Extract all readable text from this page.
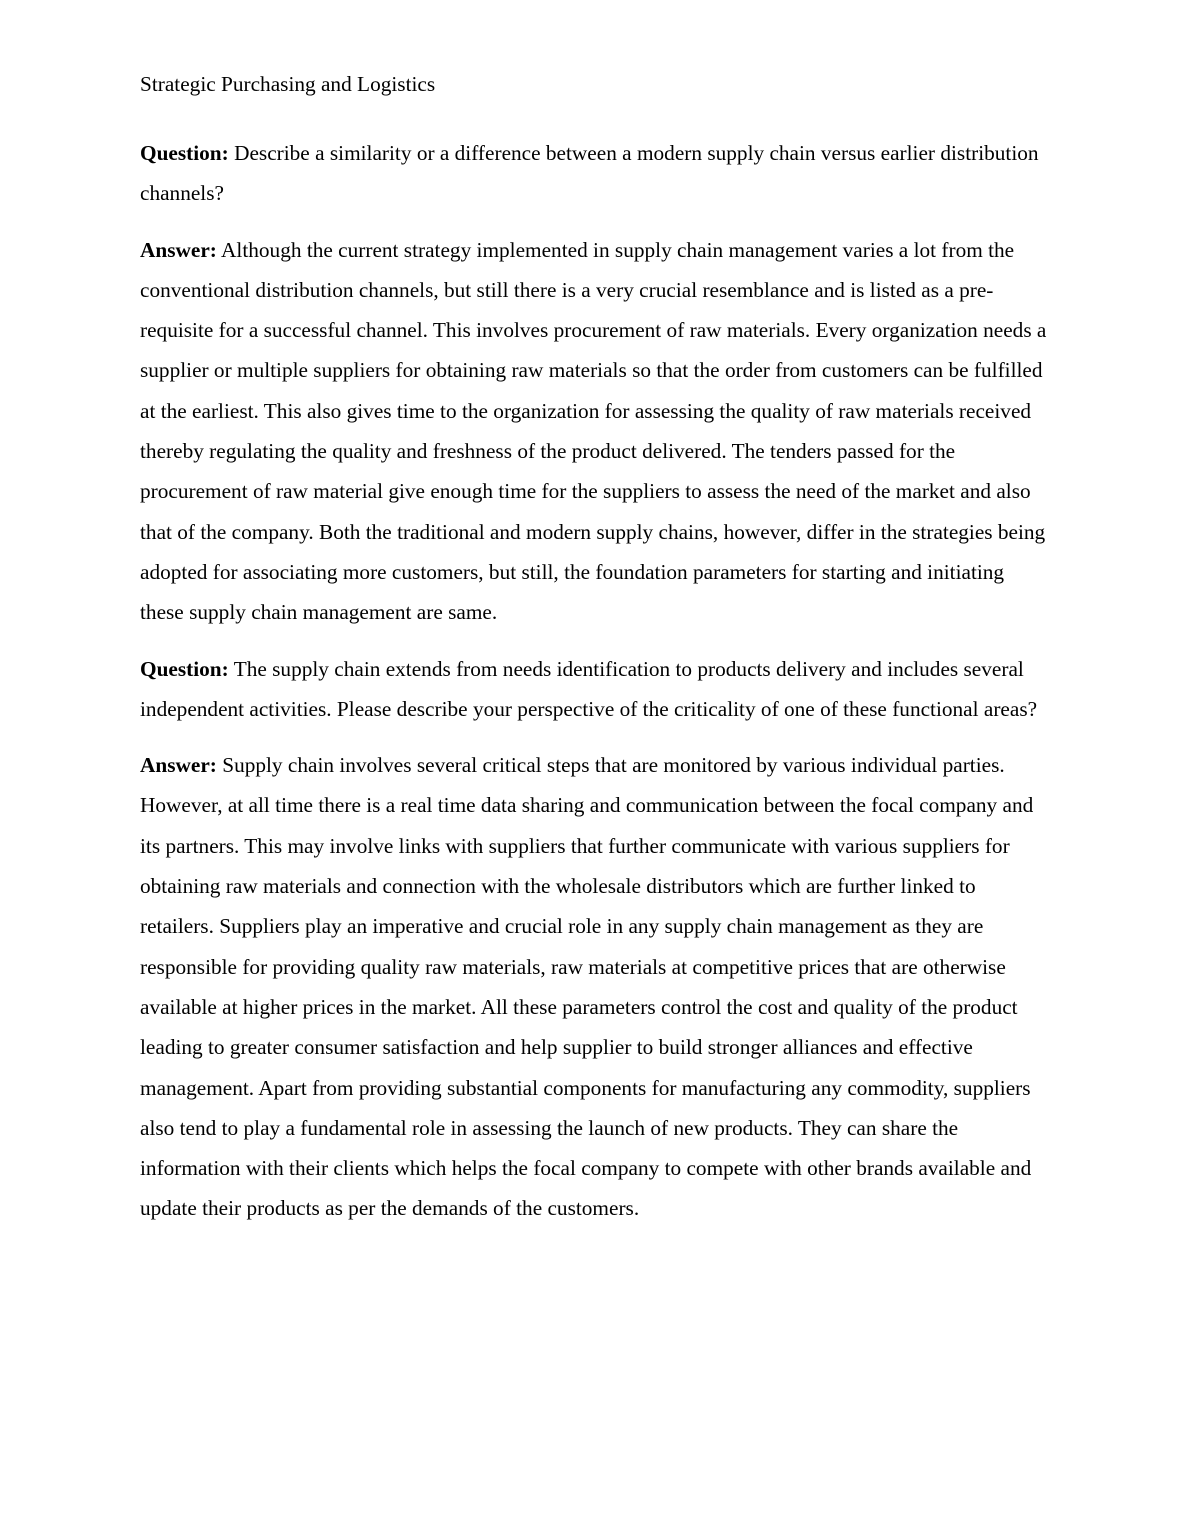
Strategic Purchasing and Logistics

Question: Describe a similarity or a difference between a modern supply chain versus earlier distribution channels?

Answer: Although the current strategy implemented in supply chain management varies a lot from the conventional distribution channels, but still there is a very crucial resemblance and is listed as a pre-requisite for a successful channel. This involves procurement of raw materials. Every organization needs a supplier or multiple suppliers for obtaining raw materials so that the order from customers can be fulfilled at the earliest. This also gives time to the organization for assessing the quality of raw materials received thereby regulating the quality and freshness of the product delivered. The tenders passed for the procurement of raw material give enough time for the suppliers to assess the need of the market and also that of the company. Both the traditional and modern supply chains, however, differ in the strategies being adopted for associating more customers, but still, the foundation parameters for starting and initiating these supply chain management are same.

Question: The supply chain extends from needs identification to products delivery and includes several independent activities. Please describe your perspective of the criticality of one of these functional areas?

Answer: Supply chain involves several critical steps that are monitored by various individual parties. However, at all time there is a real time data sharing and communication between the focal company and its partners. This may involve links with suppliers that further communicate with various suppliers for obtaining raw materials and connection with the wholesale distributors which are further linked to retailers. Suppliers play an imperative and crucial role in any supply chain management as they are responsible for providing quality raw materials, raw materials at competitive prices that are otherwise available at higher prices in the market. All these parameters control the cost and quality of the product leading to greater consumer satisfaction and help supplier to build stronger alliances and effective management. Apart from providing substantial components for manufacturing any commodity, suppliers also tend to play a fundamental role in assessing the launch of new products. They can share the information with their clients which helps the focal company to compete with other brands available and update their products as per the demands of the customers.
